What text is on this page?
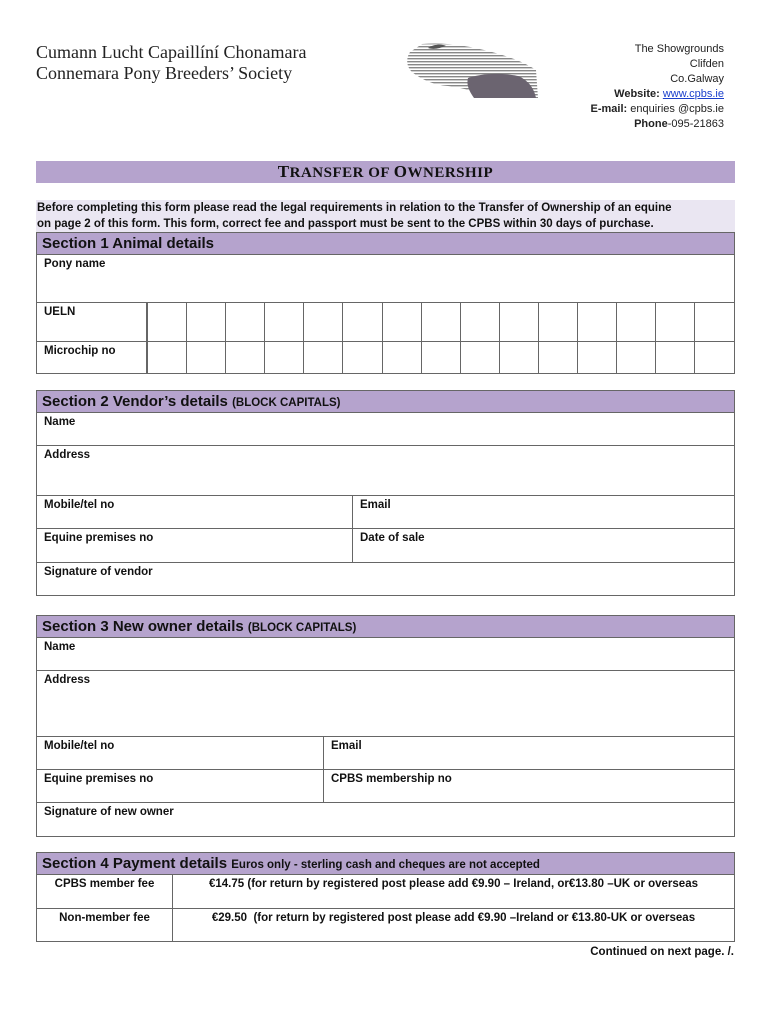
Cumann Lucht Capaillíní Chonamara
Connemara Pony Breeders’ Society
The Showgrounds
Clifden
Co.Galway
Website: www.cpbs.ie
E-mail: enquiries @cpbs.ie
Phone-095-21863
TRANSFER OF OWNERSHIP
Before completing this form please read the legal requirements in relation to the Transfer of Ownership of an equine
on page 2 of this form. This form, correct fee and passport must be sent to the CPBS within 30 days of purchase.
Section 1 Animal details
Pony name
UELN	

Microchip no	

Section 2 Vendor’s details (BLOCK CAPITALS)	
Name	
Address	
Mobile/tel no	Email
Equine premises no	Date of sale
Signature of vendor	
Section 3 New owner details (BLOCK CAPITALS)	
Name	
Address	
Mobile/tel no	Email
Equine premises no	CPBS membership no
Signature of new owner	
Section 4 Payment details Euros only - sterling cash and cheques are not accepted	
CPBS member fee	€14.75 (for return by registered post please add €9.90 – Ireland, or€13.80 –UK or overseas
Non-member fee	€29.50 (for return by registered post please add €9.90 –Ireland or €13.80-UK or overseas
Continued on next page. /.
